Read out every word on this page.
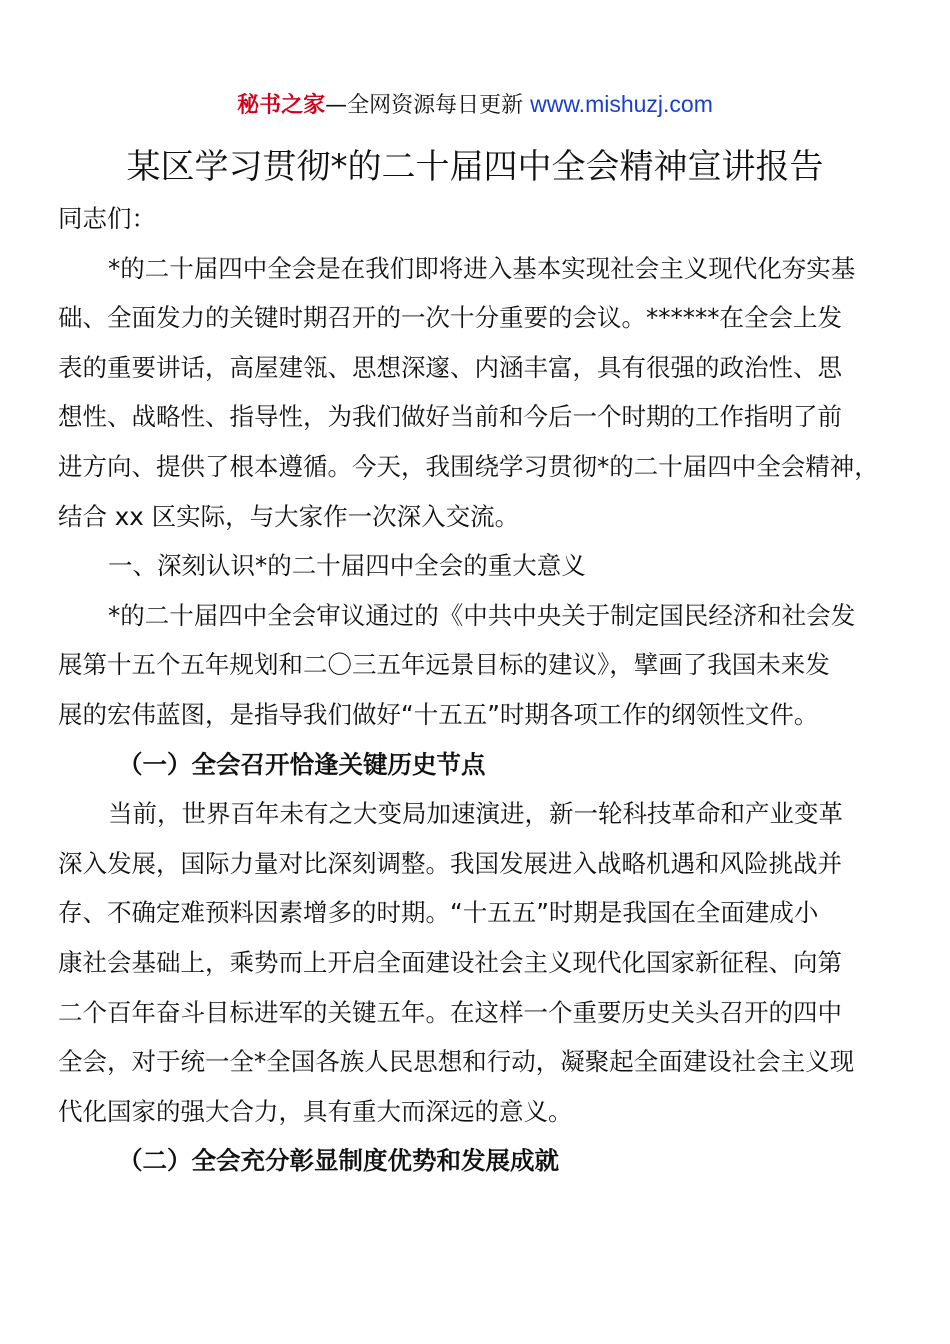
秘书之家—全网资源每日更新 www.mishuzj.com
某区学习贯彻*的二十届四中全会精神宣讲报告
同志们：
*的二十届四中全会是在我们即将进入基本实现社会主义现代化夯实基
础、全面发力的关键时期召开的一次十分重要的会议。******在全会上发
表的重要讲话，高屋建瓴、思想深邃、内涵丰富，具有很强的政治性、思
想性、战略性、指导性，为我们做好当前和今后一个时期的工作指明了前
进方向、提供了根本遵循。今天，我围绕学习贯彻*的二十届四中全会精神，
结合 xx 区实际，与大家作一次深入交流。
一、深刻认识*的二十届四中全会的重大意义
*的二十届四中全会审议通过的《中共中央关于制定国民经济和社会发
展第十五个五年规划和二〇三五年远景目标的建议》，擘画了我国未来发
展的宏伟蓝图，是指导我们做好“十五五”时期各项工作的纲领性文件。
（一）全会召开恰逢关键历史节点
当前，世界百年未有之大变局加速演进，新一轮科技革命和产业变革
深入发展，国际力量对比深刻调整。我国发展进入战略机遇和风险挑战并
存、不确定难预料因素增多的时期。“十五五”时期是我国在全面建成小
康社会基础上，乘势而上开启全面建设社会主义现代化国家新征程、向第
二个百年奋斗目标进军的关键五年。在这样一个重要历史关头召开的四中
全会，对于统一全*全国各族人民思想和行动，凝聚起全面建设社会主义现
代化国家的强大合力，具有重大而深远的意义。
（二）全会充分彰显制度优势和发展成就
